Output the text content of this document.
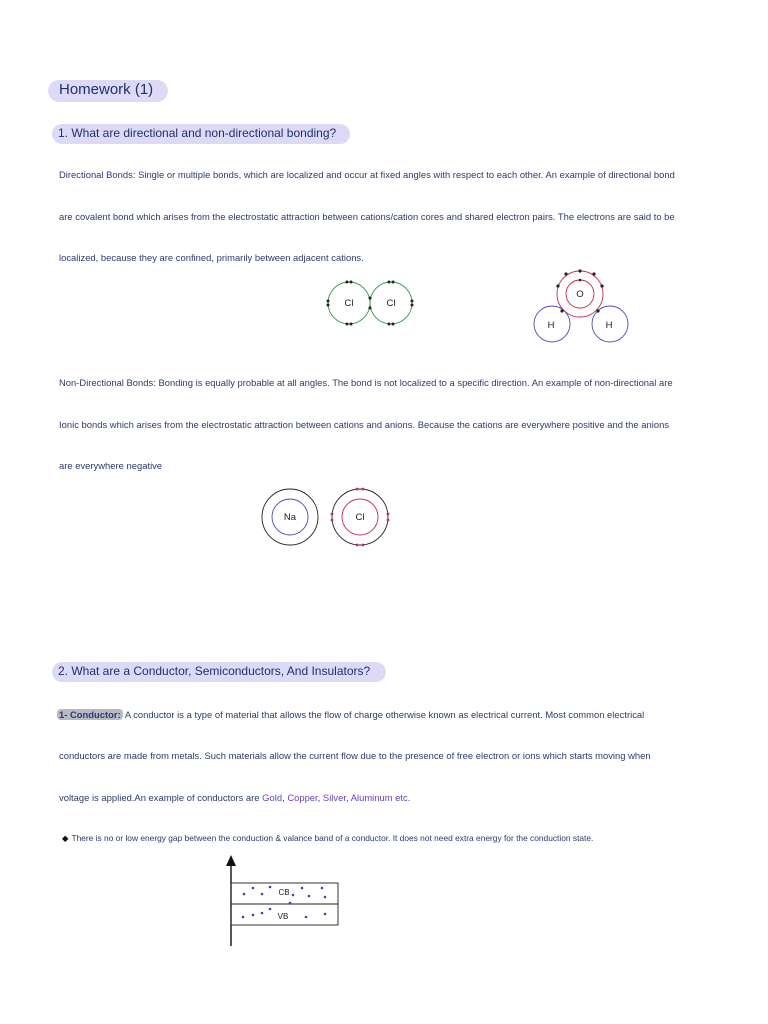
Homework (1)
1. What are directional and non-directional bonding?
Directional Bonds: Single or multiple bonds, which are localized and occur at fixed angles with respect to each other. An example of directional bond
are covalent bond which arises from the electrostatic attraction between cations/cation cores and shared electron pairs. The electrons are said to be
localized, because they are confined, primarily between adjacent cations.
Non-Directional Bonds: Bonding is equally probable at all angles. The bond is not localized to a specific direction. An example of non-directional are
Ionic bonds which arises from the electrostatic attraction between cations and anions. Because the cations are everywhere positive and the anions
are everywhere negative
2. What are a Conductor, Semiconductors, And Insulators?
1- Conductor: A conductor is a type of material that allows the flow of charge otherwise known as electrical current. Most common electrical
conductors are made from metals. Such materials allow the current flow due to the presence of free electron or ions which starts moving when
voltage is applied.An example of conductors are Gold, Copper, Silver, Aluminum etc.
◆ There is no or low energy gap between the conduction & valance band of a conductor. It does not need extra energy for the conduction state.
Cl	Cl
O
H	H
Na	Cl
CB
VB
